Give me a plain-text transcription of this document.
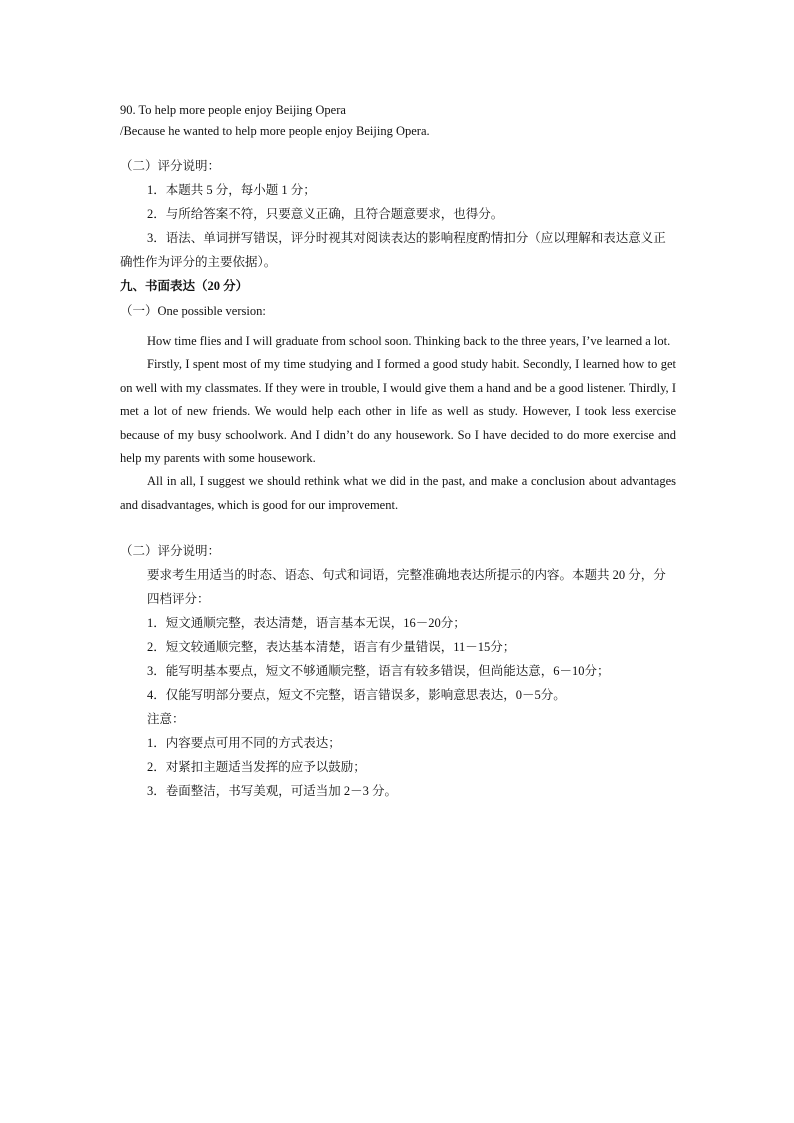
90. To help more people enjoy Beijing Opera

/Because he wanted to help more people enjoy Beijing Opera.

（二）评分说明：

1．本题共 5 分，每小题 1 分；

2．与所给答案不符，只要意义正确，且符合题意要求，也得分。

3．语法、单词拼写错误，评分时视其对阅读表达的影响程度酌情扣分（应以理解和表达意义正确性作为评分的主要依据）。

九、书面表达（20 分）

（一）One possible version:

How time flies and I will graduate from school soon. Thinking back to the three years, I’ve learned a lot.

Firstly, I spent most of my time studying and I formed a good study habit. Secondly, I learned how to get on well with my classmates. If they were in trouble, I would give them a hand and be a good listener. Thirdly, I met a lot of new friends. We would help each other in life as well as study. However, I took less exercise because of my busy schoolwork. And I didn’t do any housework. So I have decided to do more exercise and help my parents with some housework.

All in all, I suggest we should rethink what we did in the past, and make a conclusion about advantages and disadvantages, which is good for our improvement.

（二）评分说明：

要求考生用适当的时态、语态、句式和词语，完整准确地表达所提示的内容。本题共 20 分，分四档评分：

1．短文通顺完整，表达清楚，语言基本无误，16－20分；

2．短文较通顺完整，表达基本清楚，语言有少量错误，11－15分；

3．能写明基本要点，短文不够通顺完整，语言有较多错误，但尚能达意，6－10分；

4．仅能写明部分要点，短文不完整，语言错误多，影响意思表达，0－5分。

注意：

1．内容要点可用不同的方式表达；

2．对紧扣主题适当发挥的应予以鼓励；

3．卷面整洁，书写美观，可适当加 2－3 分。
